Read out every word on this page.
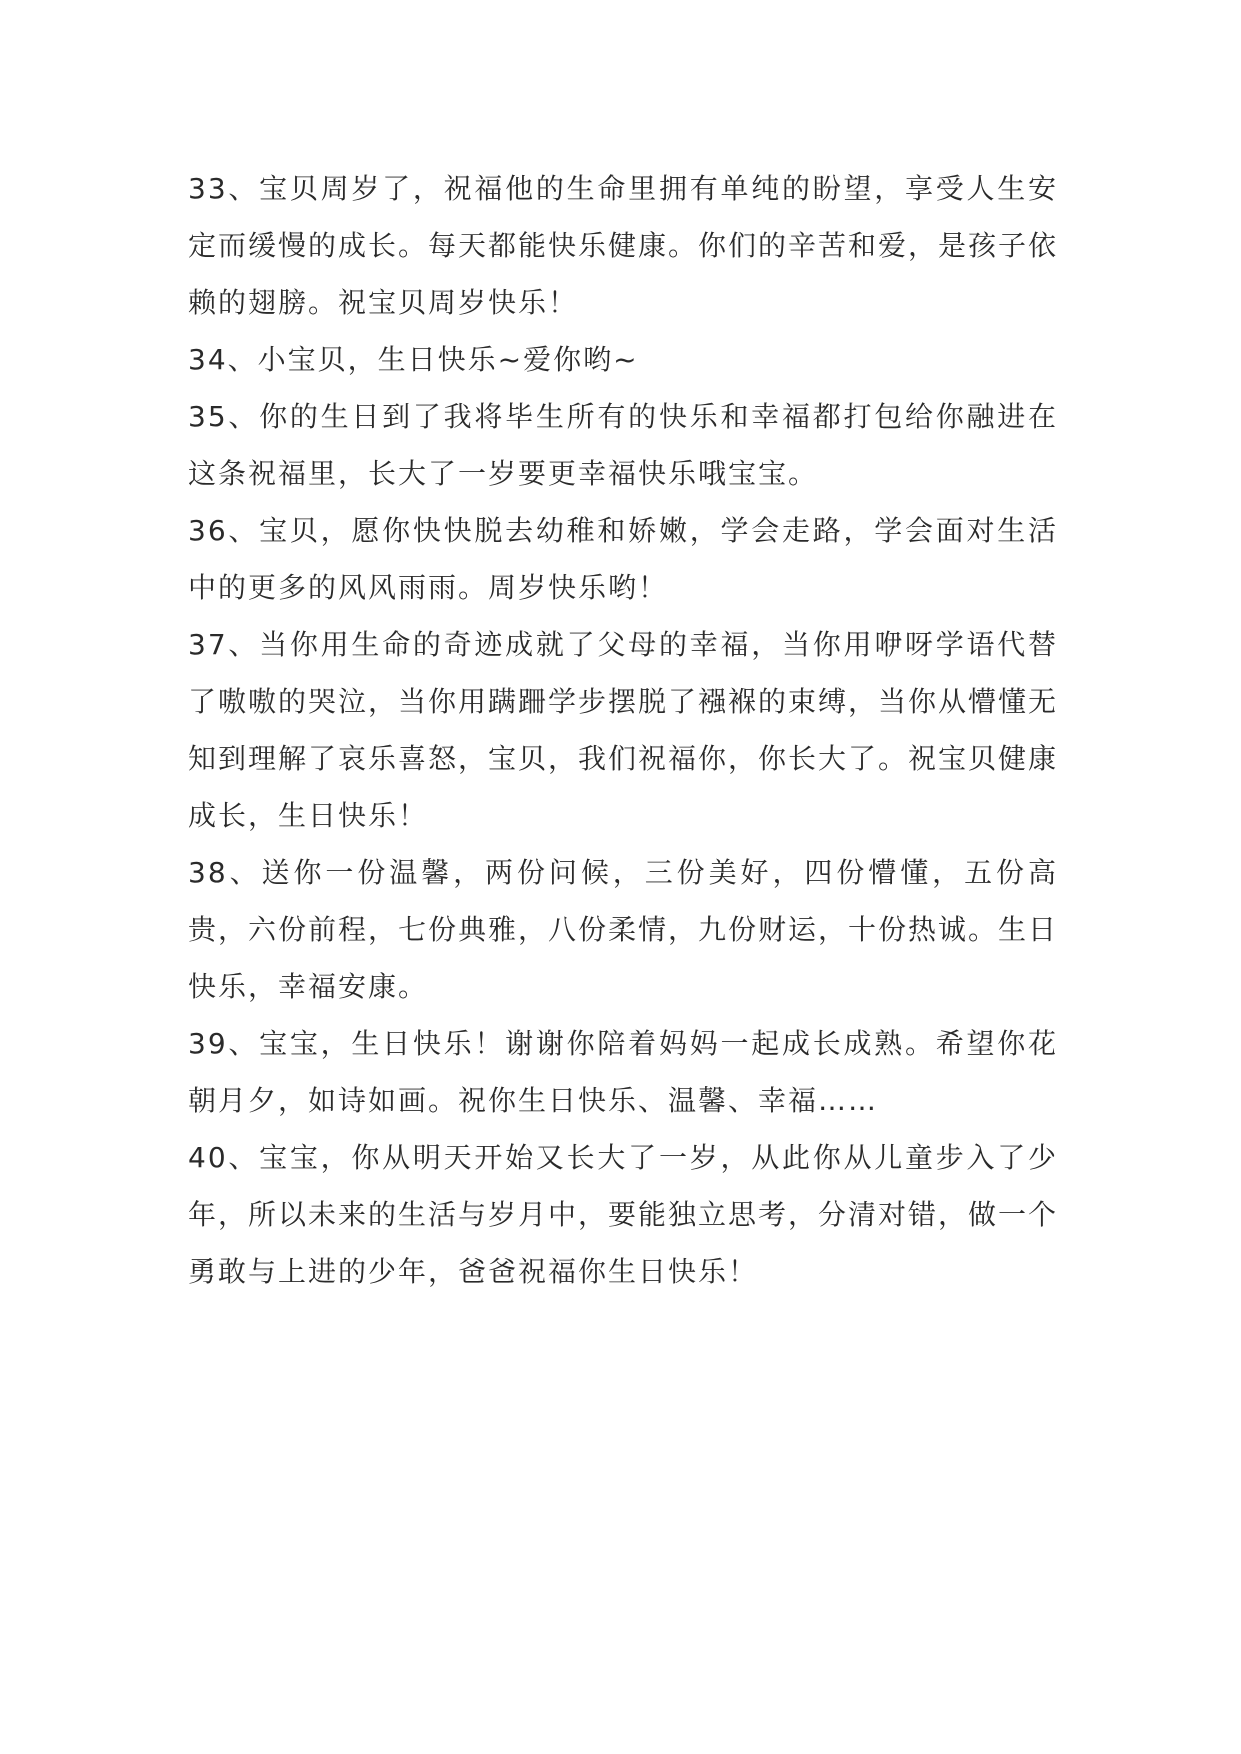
33、宝贝周岁了，祝福他的生命里拥有单纯的盼望，享受人生安定而缓慢的成长。每天都能快乐健康。你们的辛苦和爱，是孩子依赖的翅膀。祝宝贝周岁快乐！

34、小宝贝，生日快乐~爱你哟~

35、你的生日到了我将毕生所有的快乐和幸福都打包给你融进在这条祝福里，长大了一岁要更幸福快乐哦宝宝。

36、宝贝，愿你快快脱去幼稚和娇嫩，学会走路，学会面对生活中的更多的风风雨雨。周岁快乐哟！

37、当你用生命的奇迹成就了父母的幸福，当你用咿呀学语代替了嗷嗷的哭泣，当你用蹒跚学步摆脱了襁褓的束缚，当你从懵懂无知到理解了哀乐喜怒，宝贝，我们祝福你，你长大了。祝宝贝健康成长，生日快乐！

38、送你一份温馨，两份问候，三份美好，四份懵懂，五份高贵，六份前程，七份典雅，八份柔情，九份财运，十份热诚。生日快乐，幸福安康。

39、宝宝，生日快乐！谢谢你陪着妈妈一起成长成熟。希望你花朝月夕，如诗如画。祝你生日快乐、温馨、幸福……

40、宝宝，你从明天开始又长大了一岁，从此你从儿童步入了少年，所以未来的生活与岁月中，要能独立思考，分清对错，做一个勇敢与上进的少年，爸爸祝福你生日快乐！
